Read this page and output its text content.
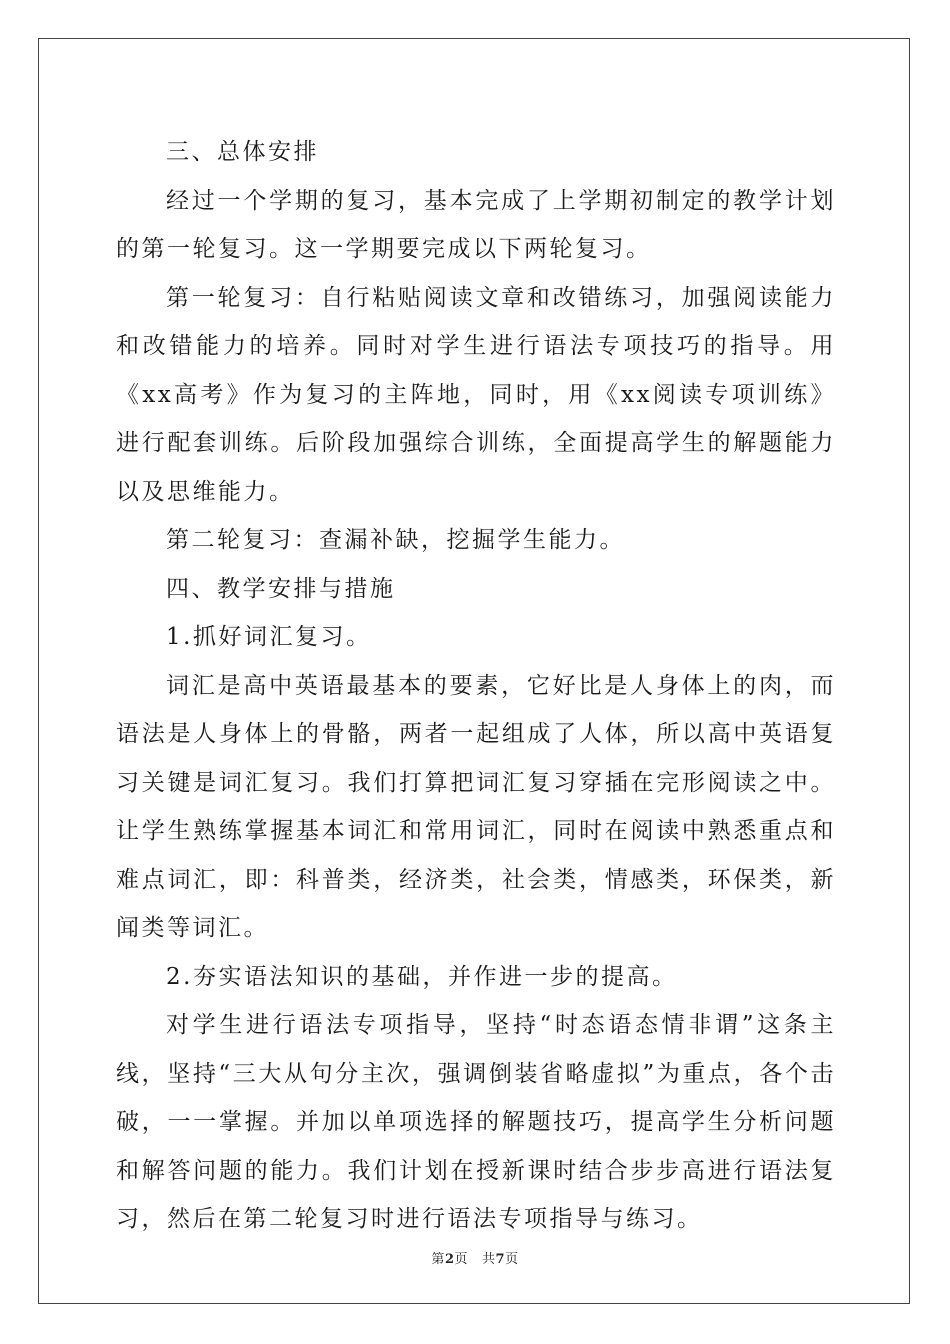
三、总体安排

经过一个学期的复习，基本完成了上学期初制定的教学计划的第一轮复习。这一学期要完成以下两轮复习。

第一轮复习：自行粘贴阅读文章和改错练习，加强阅读能力和改错能力的培养。同时对学生进行语法专项技巧的指导。用《xx高考》作为复习的主阵地，同时，用《xx阅读专项训练》进行配套训练。后阶段加强综合训练，全面提高学生的解题能力以及思维能力。

第二轮复习：查漏补缺，挖掘学生能力。

四、教学安排与措施

1.抓好词汇复习。

词汇是高中英语最基本的要素，它好比是人身体上的肉，而语法是人身体上的骨骼，两者一起组成了人体，所以高中英语复习关键是词汇复习。我们打算把词汇复习穿插在完形阅读之中。让学生熟练掌握基本词汇和常用词汇，同时在阅读中熟悉重点和难点词汇，即：科普类，经济类，社会类，情感类，环保类，新闻类等词汇。

2.夯实语法知识的基础，并作进一步的提高。

对学生进行语法专项指导，坚持“时态语态情非谓”这条主线，坚持“三大从句分主次，强调倒装省略虚拟”为重点，各个击破，一一掌握。并加以单项选择的解题技巧，提高学生分析问题和解答问题的能力。我们计划在授新课时结合步步高进行语法复习，然后在第二轮复习时进行语法专项指导与练习。

第2页 共7页
